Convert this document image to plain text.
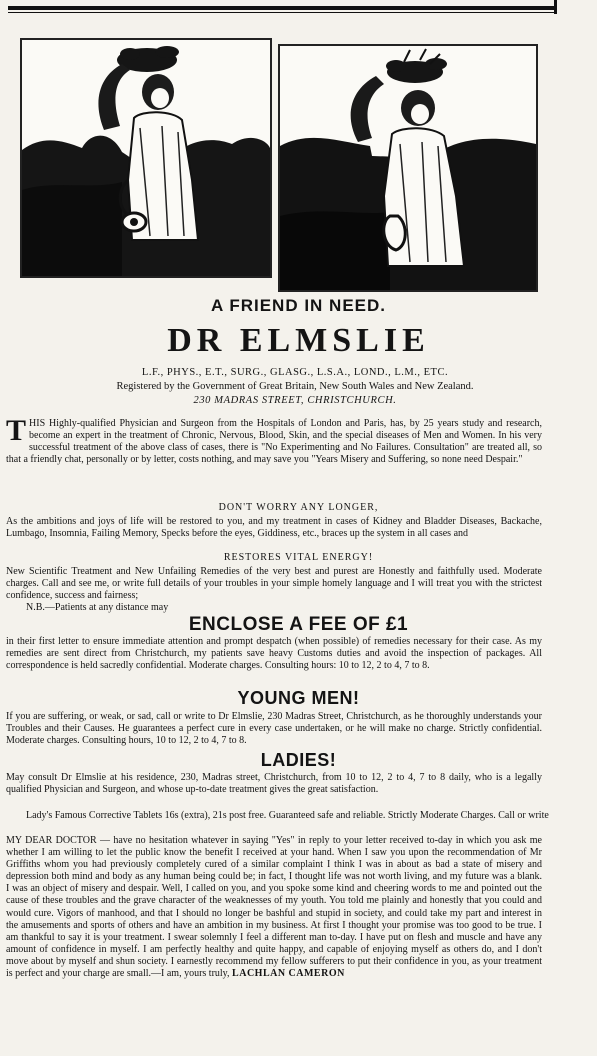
A FRIEND IN NEED.
DR ELMSLIE
L.F., PHYS., E.T., SURG., GLASG., L.S.A., LOND., L.M., ETC.
Registered by the Government of Great Britain, New South Wales and New Zealand.
230 MADRAS STREET, CHRISTCHURCH.
THIS Highly-qualified Physician and Surgeon from the Hospitals of London and Paris, has, by 25 years study and research, become an expert in the treatment of Chronic, Nervous, Blood, Skin, and the special diseases of Men and Women. In his very successful treatment of the above class of cases, there is "No Experimenting and No Failures. Consultation" are treated all, so that a friendly chat, personally or by letter, costs nothing, and may save you "Years Misery and Suffering, so none need Despair."
DON'T WORRY ANY LONGER,
As the ambitions and joys of life will be restored to you, and my treatment in cases of Kidney and Bladder Diseases, Backache, Lumbago, Insomnia, Failing Memory, Specks before the eyes, Giddiness, etc., braces up the system in all cases and
RESTORES VITAL ENERGY!
New Scientific Treatment and New Unfailing Remedies of the very best and purest are Honestly and faithfully used. Moderate charges. Call and see me, or write full details of your troubles in your simple homely language and I will treat you with the strictest confidence, success and fairness;
N.B.—Patients at any distance may
ENCLOSE A FEE OF £1
in their first letter to ensure immediate attention and prompt despatch (when possible) of remedies necessary for their case. As my remedies are sent direct from Christchurch, my patients save heavy Customs duties and avoid the inspection of packages. All correspondence is held sacredly confidential. Moderate charges. Consulting hours: 10 to 12, 2 to 4, 7 to 8.
YOUNG MEN!
If you are suffering, or weak, or sad, call or write to Dr Elmslie, 230 Madras Street, Christchurch, as he thoroughly understands your Troubles and their Causes. He guarantees a perfect cure in every case undertaken, or he will make no charge. Strictly confidential. Moderate charges. Consulting hours, 10 to 12, 2 to 4, 7 to 8.
LADIES!
May consult Dr Elmslie at his residence, 230, Madras street, Christchurch, from 10 to 12, 2 to 4, 7 to 8 daily, who is a legally qualified Physician and Surgeon, and whose up-to-date treatment gives the great satisfaction.
Lady's Famous Corrective Tablets 16s (extra), 21s post free. Guaranteed safe and reliable. Strictly Moderate Charges. Call or write
MY DEAR DOCTOR — have no hesitation whatever in saying "Yes" in reply to your letter received to-day in which you ask me whether I am willing to let the public know the benefit I received at your hand. When I saw you upon the recommendation of Mr Griffiths whom you had previously completely cured of a similar complaint I think I was in about as bad a state of misery and depression both mind and body as any human being could be; in fact, I thought life was not worth living, and my future was a blank. I was an object of misery and despair. Well, I called on you, and you spoke some kind and cheering words to me and pointed out the cause of these troubles and the grave character of the weaknesses of my youth. You told me plainly and honestly that you could and would cure. Vigors of manhood, and that I should no longer be bashful and stupid in society, and could take my part and interest in the amusements and sports of others and have an ambition in my business. At first I thought your promise was too good to be true. I am thankful to say it is your treatment. I swear solemnly I feel a different man to-day. I have put on flesh and muscle and have any amount of confidence in myself. I am perfectly healthy and quite happy, and capable of enjoying myself as others do, and I don't move about by myself and shun society. I earnestly recommend my fellow sufferers to put their confidence in you, as your treatment is perfect and your charge are small.—I am, yours truly, LACHLAN CAMERON
